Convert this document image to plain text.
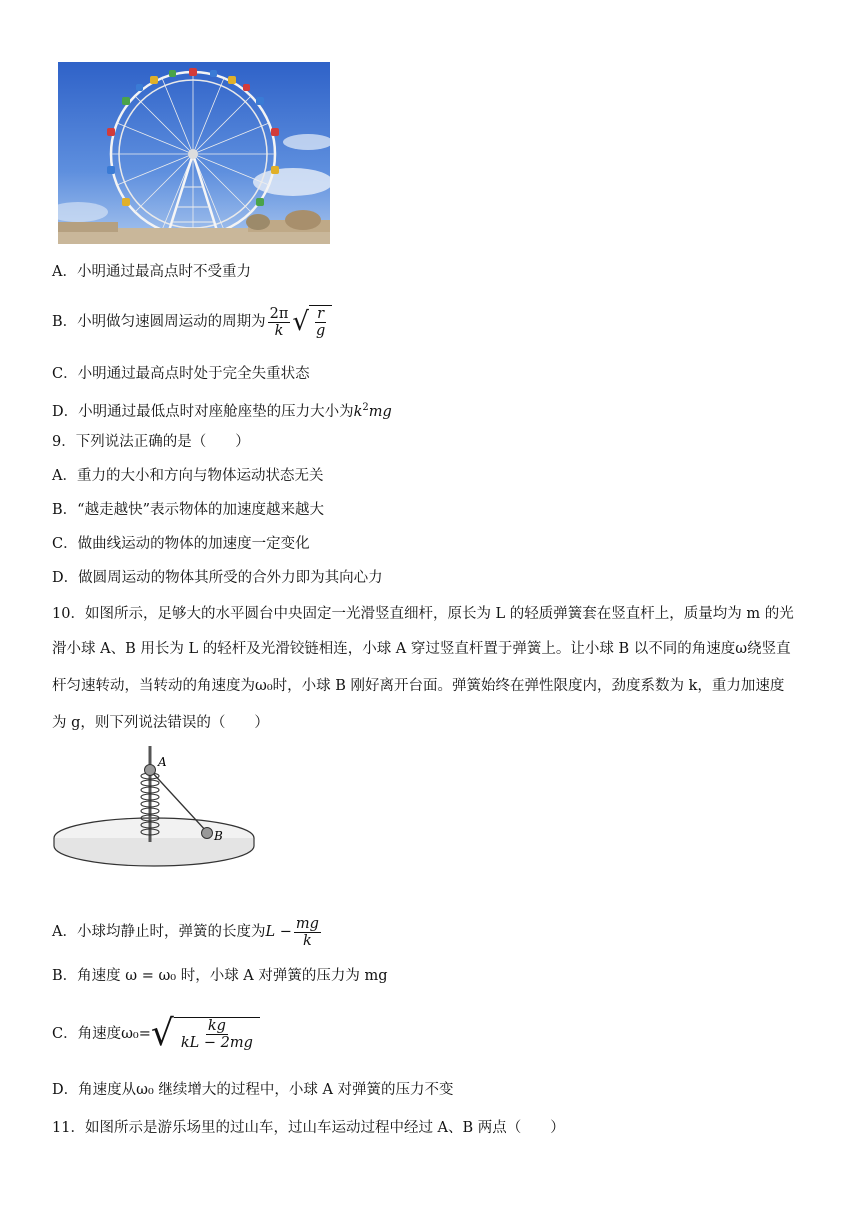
A．小明通过最高点时不受重力
B．小明做匀速圆周运动的周期为 $\frac{2\pi}{k}$ √ $\frac{r}{g}$
C．小明通过最高点时处于完全失重状态
D．小明通过最低点时对座舱座垫的压力大小为$k^2mg$
9．下列说法正确的是（　　）
A．重力的大小和方向与物体运动状态无关
B．“越走越快”表示物体的加速度越来越大
C．做曲线运动的物体的加速度一定变化
D．做圆周运动的物体其所受的合外力即为其向心力
10．如图所示，足够大的水平圆台中央固定一光滑竖直细杆，原长为 L 的轻质弹簧套在竖直杆上，质量均为 m 的光
滑小球 A、B 用长为 L 的轻杆及光滑铰链相连，小球 A 穿过竖直杆置于弹簧上。让小球 B 以不同的角速度ω绕竖直
杆匀速转动，当转动的角速度为ω₀时，小球 B 刚好离开台面。弹簧始终在弹性限度内，劲度系数为 k，重力加速度
为 g，则下列说法错误的（　　）
A
B
A．小球均静止时，弹簧的长度为 $L - \frac{mg}{k}$
B．角速度 ω = ω₀ 时，小球 A 对弹簧的压力为 mg
C．角速度ω₀= √ $\frac{kg}{kL - 2mg}$
D．角速度从ω₀ 继续增大的过程中，小球 A 对弹簧的压力不变
11．如图所示是游乐场里的过山车，过山车运动过程中经过 A、B 两点（　　）
